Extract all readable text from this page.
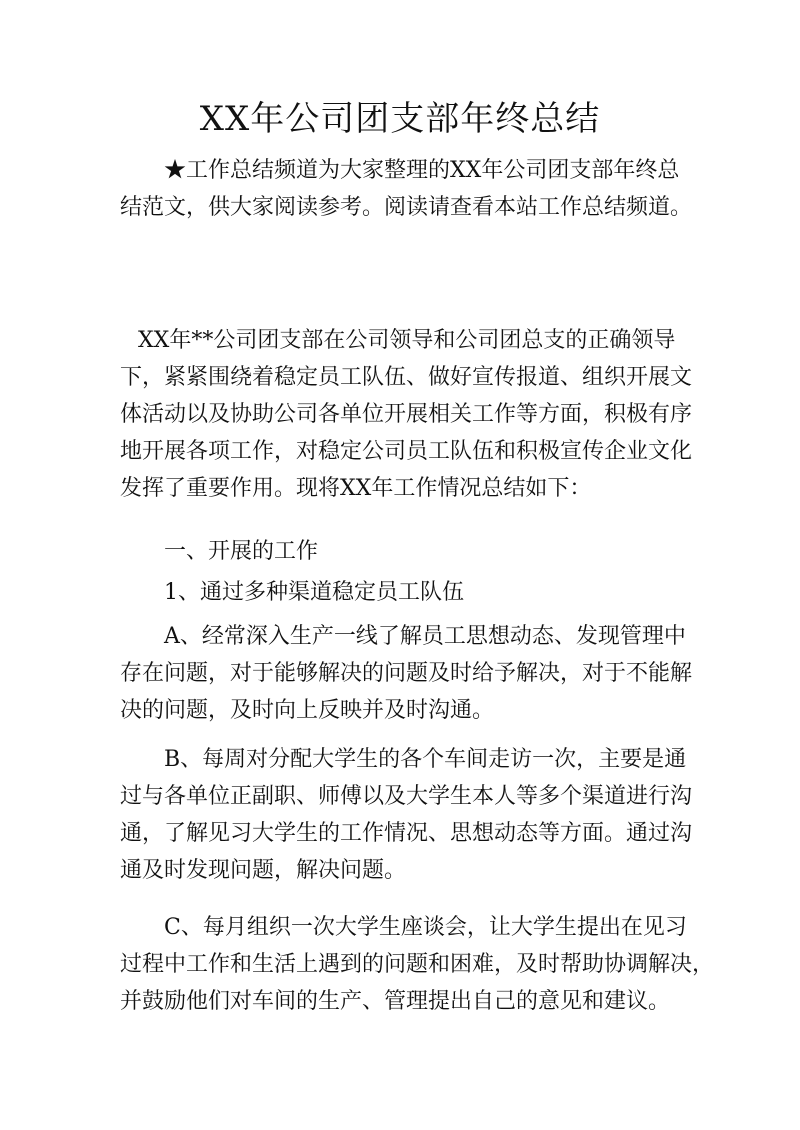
XX年公司团支部年终总结

★工作总结频道为大家整理的XX年公司团支部年终总
结范文，供大家阅读参考。阅读请查看本站工作总结频道。

XX年**公司团支部在公司领导和公司团总支的正确领导
下，紧紧围绕着稳定员工队伍、做好宣传报道、组织开展文
体活动以及协助公司各单位开展相关工作等方面，积极有序
地开展各项工作，对稳定公司员工队伍和积极宣传企业文化
发挥了重要作用。现将XX年工作情况总结如下：

一、开展的工作

1、通过多种渠道稳定员工队伍

A、经常深入生产一线了解员工思想动态、发现管理中
存在问题，对于能够解决的问题及时给予解决，对于不能解
决的问题，及时向上反映并及时沟通。

B、每周对分配大学生的各个车间走访一次，主要是通
过与各单位正副职、师傅以及大学生本人等多个渠道进行沟
通，了解见习大学生的工作情况、思想动态等方面。通过沟
通及时发现问题，解决问题。

C、每月组织一次大学生座谈会，让大学生提出在见习
过程中工作和生活上遇到的问题和困难，及时帮助协调解决，
并鼓励他们对车间的生产、管理提出自己的意见和建议。
